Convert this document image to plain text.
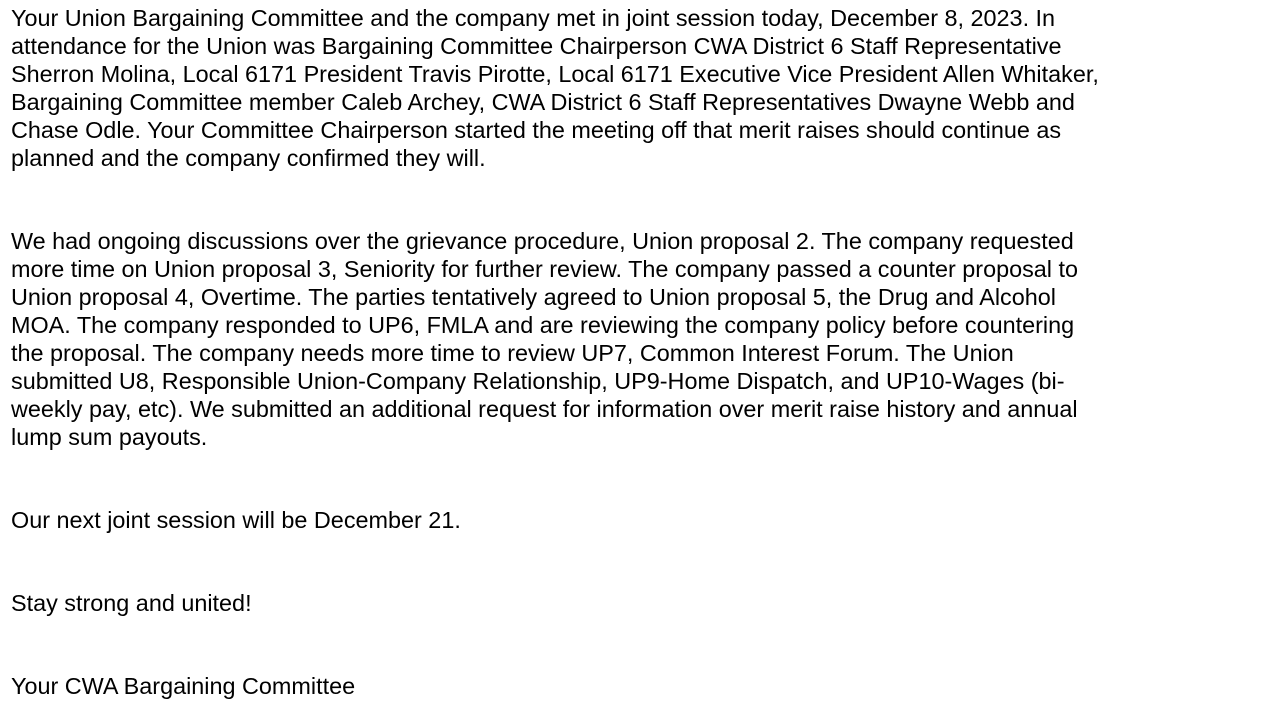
Your Union Bargaining Committee and the company met in joint session today, December 8, 2023. In
attendance for the Union was Bargaining Committee Chairperson CWA District 6 Staff Representative
Sherron Molina, Local 6171 President Travis Pirotte, Local 6171 Executive Vice President Allen Whitaker,
Bargaining Committee member Caleb Archey, CWA District 6 Staff Representatives Dwayne Webb and
Chase Odle. Your Committee Chairperson started the meeting off that merit raises should continue as
planned and the company confirmed they will.

We had ongoing discussions over the grievance procedure, Union proposal 2. The company requested
more time on Union proposal 3, Seniority for further review. The company passed a counter proposal to
Union proposal 4, Overtime. The parties tentatively agreed to Union proposal 5, the Drug and Alcohol
MOA. The company responded to UP6, FMLA and are reviewing the company policy before countering
the proposal. The company needs more time to review UP7, Common Interest Forum. The Union
submitted U8, Responsible Union-Company Relationship, UP9-Home Dispatch, and UP10-Wages (bi-
weekly pay, etc). We submitted an additional request for information over merit raise history and annual
lump sum payouts.

Our next joint session will be December 21.

Stay strong and united!

Your CWA Bargaining Committee
